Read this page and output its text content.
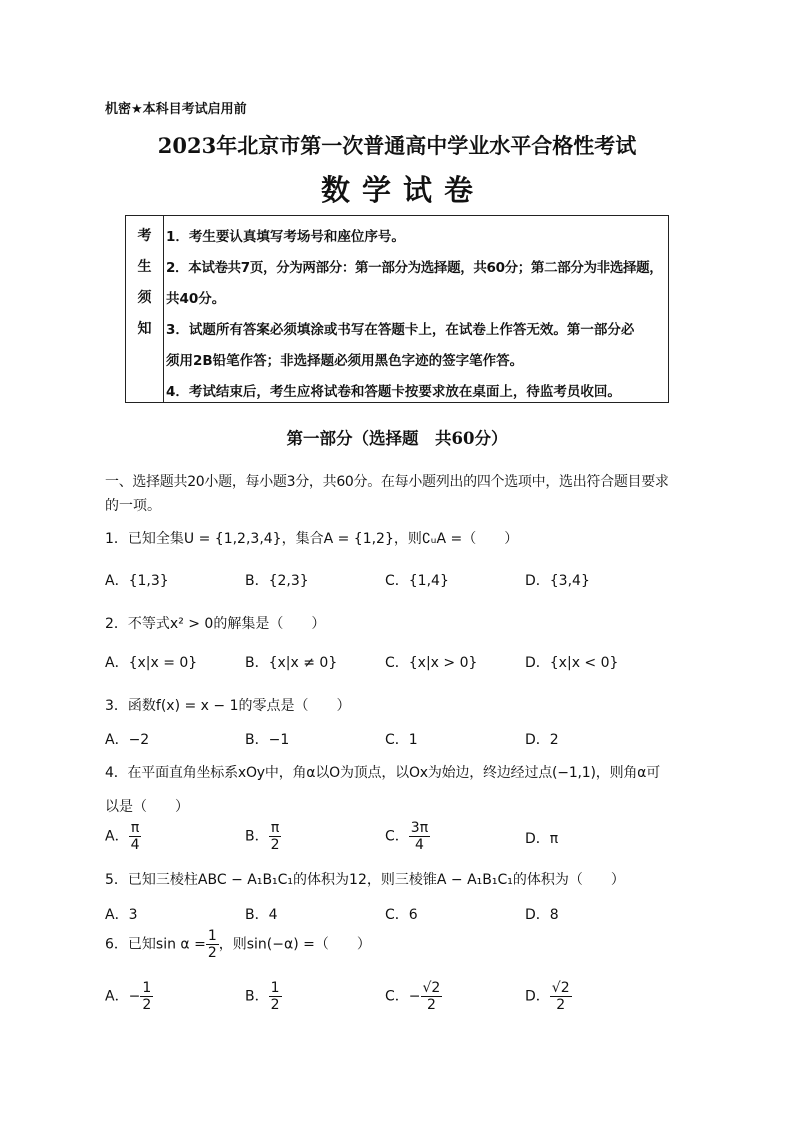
机密★本科目考试启用前
2023年北京市第一次普通高中学业水平合格性考试
数学试卷
考
生
须
知
1．考生要认真填写考场号和座位序号。
2．本试卷共7页，分为两部分：第一部分为选择题，共60分；第二部分为非选择题，
共40分。
3．试题所有答案必须填涂或书写在答题卡上，在试卷上作答无效。第一部分必
须用2B铅笔作答；非选择题必须用黑色字迹的签字笔作答。
4．考试结束后，考生应将试卷和答题卡按要求放在桌面上，待监考员收回。
第一部分（选择题　共60分）
一、选择题共20小题，每小题3分，共60分。在每小题列出的四个选项中，选出符合题目要求
的一项。
1．已知全集U = {1,2,3,4}，集合A = {1,2}，则∁ᵤA =（　　）
A．{1,3}	B．{2,3}	C．{1,4}	D．{3,4}
2．不等式x² > 0的解集是（　　）
A．{x|x = 0}	B．{x|x ≠ 0}	C．{x|x > 0}	D．{x|x < 0}
3．函数f(x) = x − 1的零点是（　　）
A．−2	B．−1	C．1	D．2
4．在平面直角坐标系xOy中，角α以O为顶点，以Ox为始边，终边经过点(−1,1)，则角α可
以是（　　）
A． $\frac{\pi}{4}$	B． $\frac{\pi}{2}$	C． $\frac{3\pi}{4}$	D．π
5．已知三棱柱ABC − A₁B₁C₁的体积为12，则三棱锥A − A₁B₁C₁的体积为（　　）
A．3	B．4	C．6	D．8
6．已知$\sin \alpha = \frac{1}{2}$ ，则sin(−α) =（　　）
A．− $\frac{1}{2}$	B． $\frac{1}{2}$	C．− $\frac{√2}{2}$	D． $\frac{√2}{2}$
